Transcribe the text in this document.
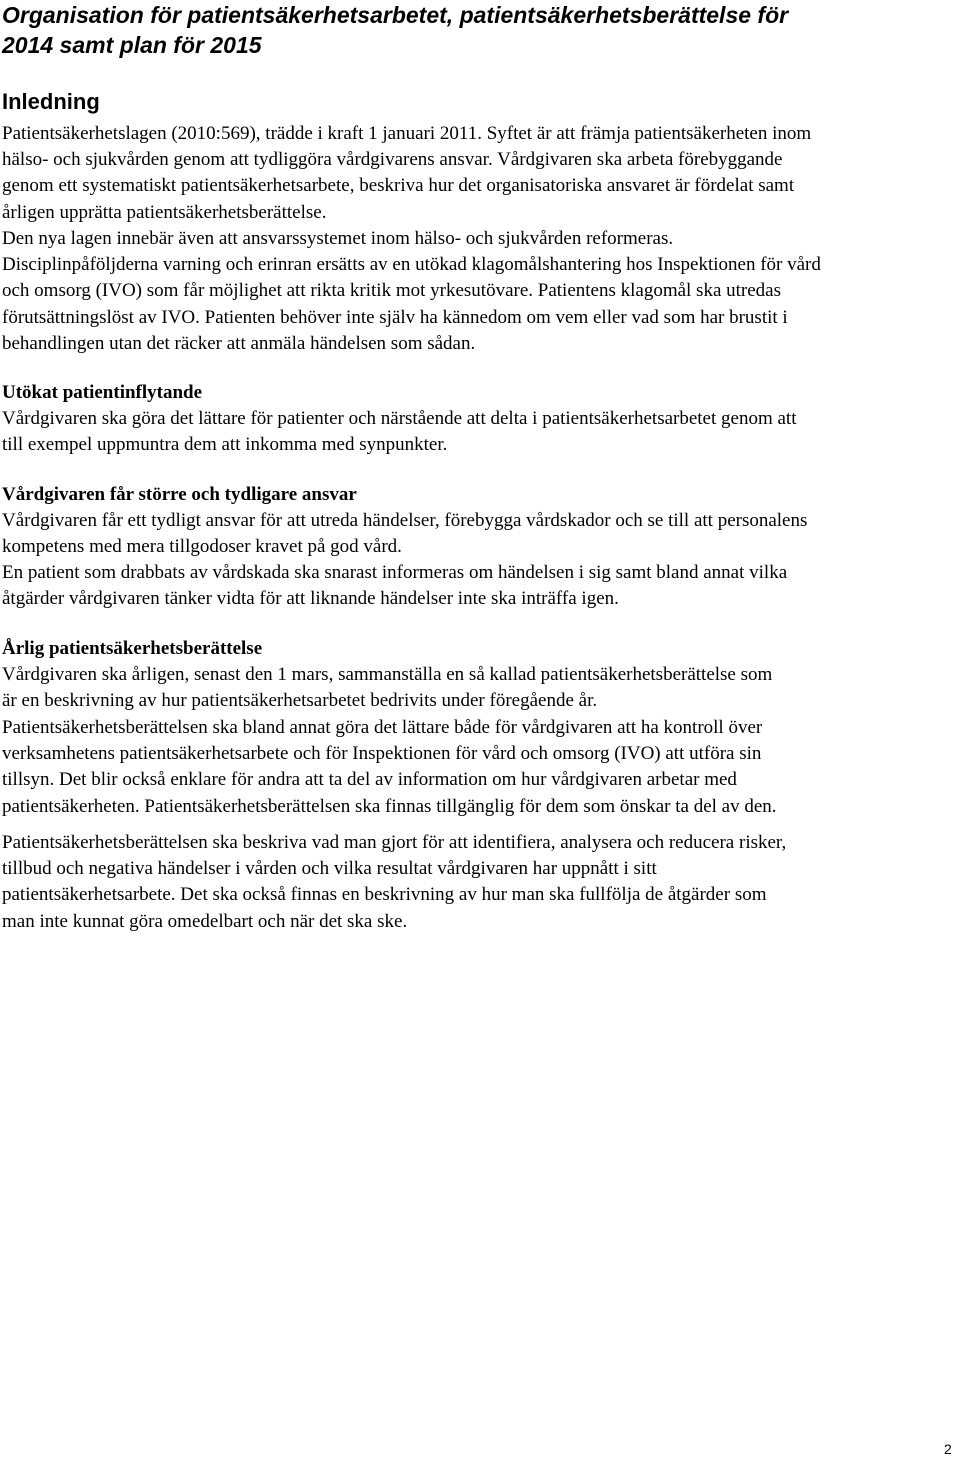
Organisation för patientsäkerhetsarbetet, patientsäkerhetsberättelse för
2014 samt plan för 2015
Inledning

Patientsäkerhetslagen (2010:569), trädde i kraft 1 januari 2011. Syftet är att främja patientsäkerheten inom
hälso- och sjukvården genom att tydliggöra vårdgivarens ansvar. Vårdgivaren ska arbeta förebyggande
genom ett systematiskt patientsäkerhetsarbete, beskriva hur det organisatoriska ansvaret är fördelat samt
årligen upprätta patientsäkerhetsberättelse.

Den nya lagen innebär även att ansvarssystemet inom hälso- och sjukvården reformeras.
Disciplinpåföljderna varning och erinran ersätts av en utökad klagomålshantering hos Inspektionen för vård
och omsorg (IVO) som får möjlighet att rikta kritik mot yrkesutövare. Patientens klagomål ska utredas
förutsättningslöst av IVO. Patienten behöver inte själv ha kännedom om vem eller vad som har brustit i
behandlingen utan det räcker att anmäla händelsen som sådan.

Utökat patientinflytande

Vårdgivaren ska göra det lättare för patienter och närstående att delta i patientsäkerhetsarbetet genom att
till exempel uppmuntra dem att inkomma med synpunkter.

Vårdgivaren får större och tydligare ansvar

Vårdgivaren får ett tydligt ansvar för att utreda händelser, förebygga vårdskador och se till att personalens
kompetens med mera tillgodoser kravet på god vård.

En patient som drabbats av vårdskada ska snarast informeras om händelsen i sig samt bland annat vilka
åtgärder vårdgivaren tänker vidta för att liknande händelser inte ska inträffa igen.

Årlig patientsäkerhetsberättelse

Vårdgivaren ska årligen, senast den 1 mars, sammanställa en så kallad patientsäkerhetsberättelse som
är en beskrivning av hur patientsäkerhetsarbetet bedrivits under föregående år.

Patientsäkerhetsberättelsen ska bland annat göra det lättare både för vårdgivaren att ha kontroll över
verksamhetens patientsäkerhetsarbete och för Inspektionen för vård och omsorg (IVO) att utföra sin
tillsyn. Det blir också enklare för andra att ta del av information om hur vårdgivaren arbetar med
patientsäkerheten. Patientsäkerhetsberättelsen ska finnas tillgänglig för dem som önskar ta del av den.

Patientsäkerhetsberättelsen ska beskriva vad man gjort för att identifiera, analysera och reducera risker,
tillbud och negativa händelser i vården och vilka resultat vårdgivaren har uppnått i sitt
patientsäkerhetsarbete. Det ska också finnas en beskrivning av hur man ska fullfölja de åtgärder som
man inte kunnat göra omedelbart och när det ska ske.

2
